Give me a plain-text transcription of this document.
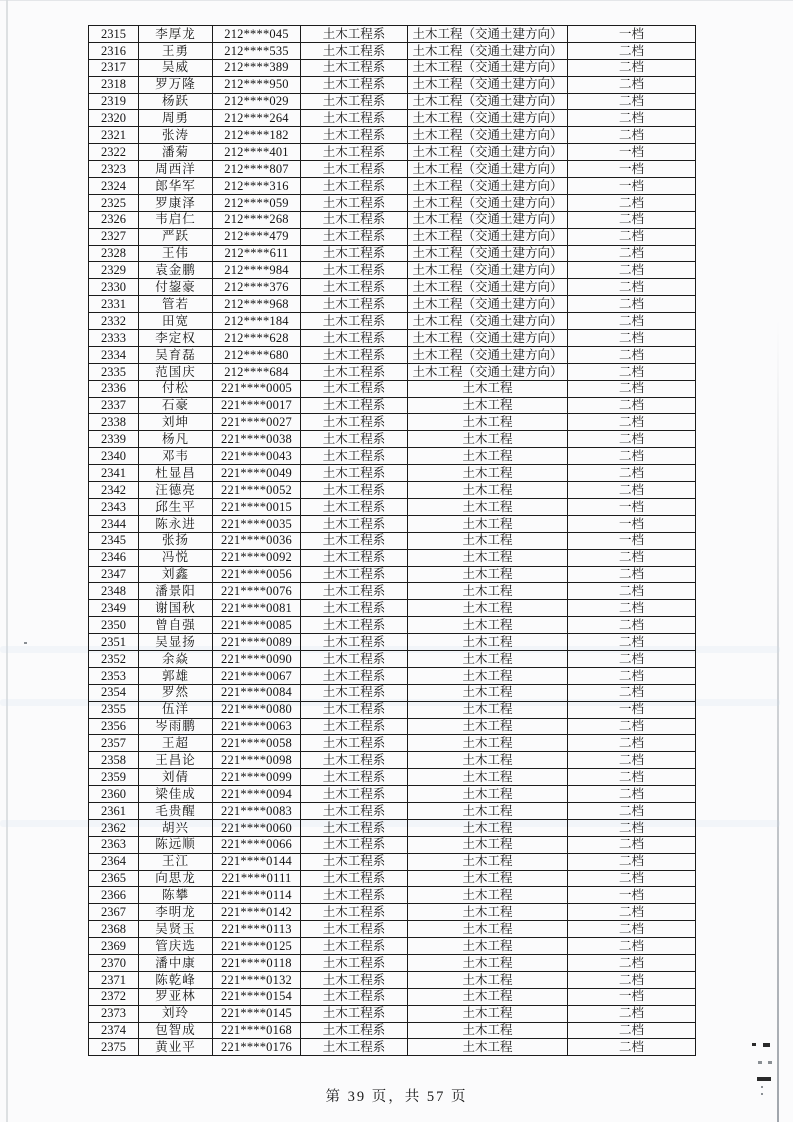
2315	李厚龙	212****045	土木工程系	土木工程（交通土建方向）	一档
2316	王勇	212****535	土木工程系	土木工程（交通土建方向）	二档
2317	吴威	212****389	土木工程系	土木工程（交通土建方向）	二档
2318	罗万隆	212****950	土木工程系	土木工程（交通土建方向）	二档
2319	杨跃	212****029	土木工程系	土木工程（交通土建方向）	二档
2320	周勇	212****264	土木工程系	土木工程（交通土建方向）	二档
2321	张涛	212****182	土木工程系	土木工程（交通土建方向）	二档
2322	潘菊	212****401	土木工程系	土木工程（交通土建方向）	一档
2323	周西洋	212****807	土木工程系	土木工程（交通土建方向）	一档
2324	郎华军	212****316	土木工程系	土木工程（交通土建方向）	一档
2325	罗康泽	212****059	土木工程系	土木工程（交通土建方向）	二档
2326	韦启仁	212****268	土木工程系	土木工程（交通土建方向）	二档
2327	严跃	212****479	土木工程系	土木工程（交通土建方向）	二档
2328	王伟	212****611	土木工程系	土木工程（交通土建方向）	二档
2329	袁金鹏	212****984	土木工程系	土木工程（交通土建方向）	二档
2330	付鋆豪	212****376	土木工程系	土木工程（交通土建方向）	二档
2331	管若	212****968	土木工程系	土木工程（交通土建方向）	二档
2332	田宽	212****184	土木工程系	土木工程（交通土建方向）	二档
2333	李定权	212****628	土木工程系	土木工程（交通土建方向）	二档
2334	吴育磊	212****680	土木工程系	土木工程（交通土建方向）	二档
2335	范国庆	212****684	土木工程系	土木工程（交通土建方向）	二档
2336	付松	221****0005	土木工程系	土木工程	二档
2337	石豪	221****0017	土木工程系	土木工程	二档
2338	刘坤	221****0027	土木工程系	土木工程	二档
2339	杨凡	221****0038	土木工程系	土木工程	二档
2340	邓韦	221****0043	土木工程系	土木工程	二档
2341	杜显昌	221****0049	土木工程系	土木工程	二档
2342	汪德亮	221****0052	土木工程系	土木工程	二档
2343	邱生平	221****0015	土木工程系	土木工程	一档
2344	陈永进	221****0035	土木工程系	土木工程	一档
2345	张扬	221****0036	土木工程系	土木工程	一档
2346	冯悦	221****0092	土木工程系	土木工程	二档
2347	刘鑫	221****0056	土木工程系	土木工程	二档
2348	潘景阳	221****0076	土木工程系	土木工程	二档
2349	谢国秋	221****0081	土木工程系	土木工程	二档
2350	曾自强	221****0085	土木工程系	土木工程	二档
2351	吴显扬	221****0089	土木工程系	土木工程	二档
2352	余焱	221****0090	土木工程系	土木工程	二档
2353	郭雄	221****0067	土木工程系	土木工程	二档
2354	罗然	221****0084	土木工程系	土木工程	二档
2355	伍洋	221****0080	土木工程系	土木工程	一档
2356	岑雨鹏	221****0063	土木工程系	土木工程	二档
2357	王超	221****0058	土木工程系	土木工程	二档
2358	王昌论	221****0098	土木工程系	土木工程	二档
2359	刘倩	221****0099	土木工程系	土木工程	二档
2360	梁佳成	221****0094	土木工程系	土木工程	二档
2361	毛贵醒	221****0083	土木工程系	土木工程	二档
2362	胡兴	221****0060	土木工程系	土木工程	二档
2363	陈远顺	221****0066	土木工程系	土木工程	二档
2364	王江	221****0144	土木工程系	土木工程	二档
2365	向思龙	221****0111	土木工程系	土木工程	二档
2366	陈攀	221****0114	土木工程系	土木工程	一档
2367	李明龙	221****0142	土木工程系	土木工程	二档
2368	吴贤玉	221****0113	土木工程系	土木工程	二档
2369	管庆选	221****0125	土木工程系	土木工程	二档
2370	潘中康	221****0118	土木工程系	土木工程	二档
2371	陈乾峰	221****0132	土木工程系	土木工程	二档
2372	罗亚林	221****0154	土木工程系	土木工程	一档
2373	刘玲	221****0145	土木工程系	土木工程	二档
2374	包智成	221****0168	土木工程系	土木工程	二档
2375	黄业平	221****0176	土木工程系	土木工程	二档
第 39 页，共 57 页
